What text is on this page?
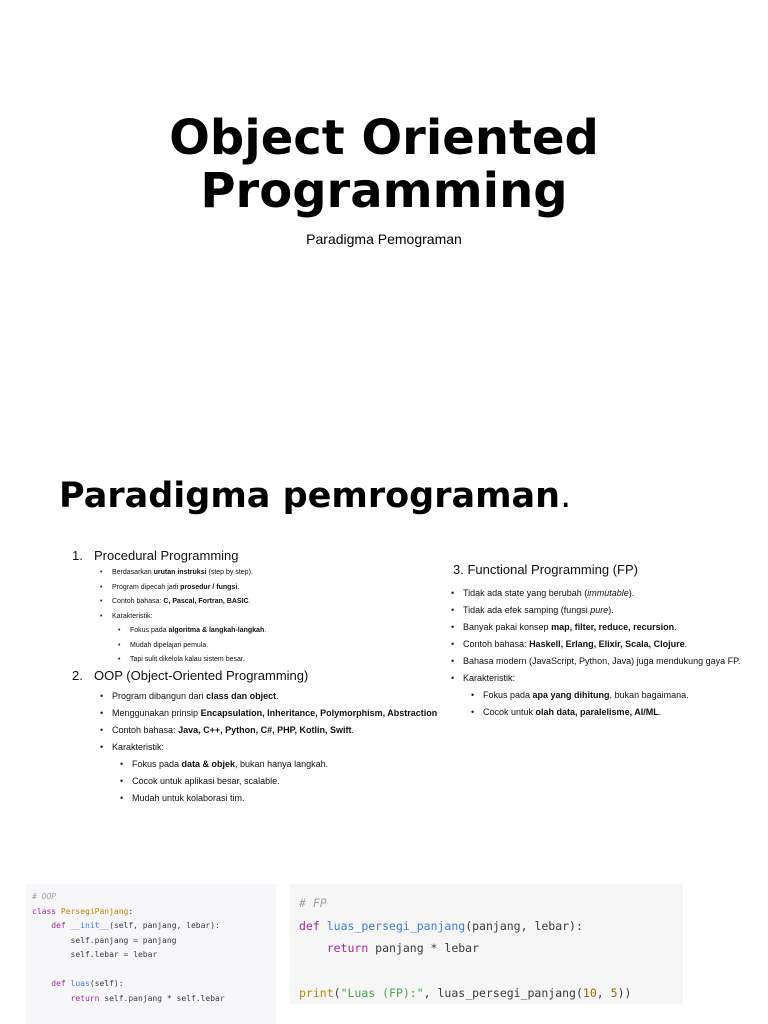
Object Oriented
Programming
Paradigma Pemograman
Paradigma pemrograman.
1. Procedural Programming
• Berdasarkan urutan instruksi (step by step).
• Program dipecah jadi prosedur / fungsi.
• Contoh bahasa: C, Pascal, Fortran, BASIC.
• Karakteristik:
• Fokus pada algoritma & langkah-langkah.
• Mudah dipelajari pemula.
• Tapi sulit dikelola kalau sistem besar.
2. OOP (Object-Oriented Programming)
• Program dibangun dari class dan object.
• Menggunakan prinsip Encapsulation, Inheritance, Polymorphism, Abstraction
• Contoh bahasa: Java, C++, Python, C#, PHP, Kotlin, Swift.
• Karakteristik:
• Fokus pada data & objek, bukan hanya langkah.
• Cocok untuk aplikasi besar, scalable.
• Mudah untuk kolaborasi tim.
3. Functional Programming (FP)
• Tidak ada state yang berubah (immutable).
• Tidak ada efek samping (fungsi pure).
• Banyak pakai konsep map, filter, reduce, recursion.
• Contoh bahasa: Haskell, Erlang, Elixir, Scala, Clojure.
• Bahasa modern (JavaScript, Python, Java) juga mendukung gaya FP.
• Karakteristik:
• Fokus pada apa yang dihitung, bukan bagaimana.
• Cocok untuk olah data, paralelisme, AI/ML.
# OOP
class PersegiPanjang:
def __init__(self, panjang, lebar):
self.panjang = panjang
self.lebar = lebar

def luas(self):
return self.panjang * self.lebar
# FP
def luas_persegi_panjang(panjang, lebar):
return panjang * lebar

print("Luas (FP):", luas_persegi_panjang(10, 5))
